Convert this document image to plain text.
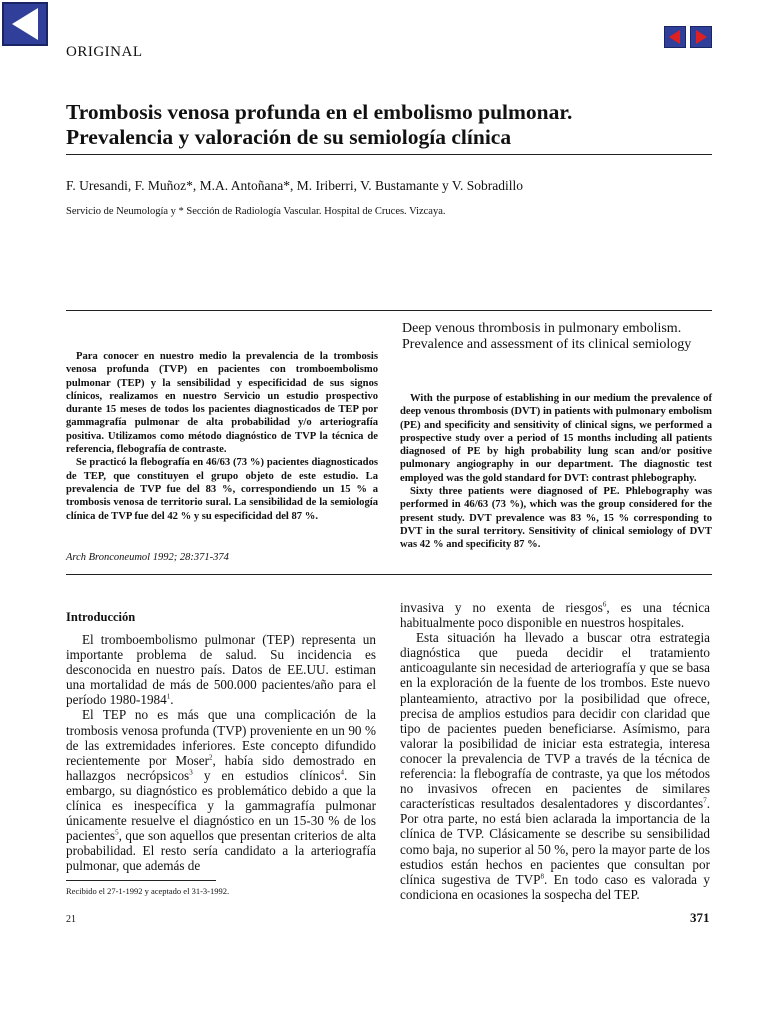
ORIGINAL
Trombosis venosa profunda en el embolismo pulmonar.
Prevalencia y valoración de su semiología clínica
F. Uresandi, F. Muñoz*, M.A. Antoñana*, M. Iriberri, V. Bustamante y V. Sobradillo
Servicio de Neumología y * Sección de Radiología Vascular. Hospital de Cruces. Vizcaya.

Para conocer en nuestro medio la prevalencia de la trombosis venosa profunda (TVP) en pacientes con tromboembolismo pulmonar (TEP) y la sensibilidad y especificidad de sus signos clínicos, realizamos en nuestro Servicio un estudio prospectivo durante 15 meses de todos los pacientes diagnosticados de TEP por gammagrafía pulmonar de alta probabilidad y/o arteriografía positiva. Utilizamos como método diagnóstico de TVP la técnica de referencia, flebografía de contraste.

Se practicó la flebografía en 46/63 (73 %) pacientes diagnosticados de TEP, que constituyen el grupo objeto de este estudio. La prevalencia de TVP fue del 83 %, correspondiendo un 15 % a trombosis venosa de territorio sural. La sensibilidad de la semiología clínica de TVP fue del 42 % y su especificidad del 87 %.

Arch Bronconeumol 1992; 28:371-374
Deep venous thrombosis in pulmonary embolism.
Prevalence and assessment of its clinical semiology

With the purpose of establishing in our medium the prevalence of deep venous thrombosis (DVT) in patients with pulmonary embolism (PE) and specificity and sensitivity of clinical signs, we performed a prospective study over a period of 15 months including all patients diagnosed of PE by high probability lung scan and/or positive pulmonary angiography in our department. The diagnostic test employed was the gold standard for DVT: contrast phlebography.

Sixty three patients were diagnosed of PE. Phlebography was performed in 46/63 (73 %), which was the group considered for the present study. DVT prevalence was 83 %, 15 % corresponding to DVT in the sural territory. Sensitivity of clinical semiology of DVT was 42 % and specificity 87 %.

Introducción

El tromboembolismo pulmonar (TEP) representa un importante problema de salud. Su incidencia es desconocida en nuestro país. Datos de EE.UU. estiman una mortalidad de más de 500.000 pacientes/año para el período 1980-1984$^1$.

El TEP no es más que una complicación de la trombosis venosa profunda (TVP) proveniente en un 90 % de las extremidades inferiores. Este concepto difundido recientemente por Moser$^2$, había sido demostrado en hallazgos necrópsicos$^3$ y en estudios clínicos$^4$. Sin embargo, su diagnóstico es problemático debido a que la clínica es inespecífica y la gammagrafía pulmonar únicamente resuelve el diagnóstico en un 15-30 % de los pacientes$^5$, que son aquellos que presentan criterios de alta probabilidad. El resto sería candidato a la arteriografía pulmonar, que además de

invasiva y no exenta de riesgos$^6$, es una técnica habitualmente poco disponible en nuestros hospitales.

Esta situación ha llevado a buscar otra estrategia diagnóstica que pueda decidir el tratamiento anticoagulante sin necesidad de arteriografía y que se basa en la exploración de la fuente de los trombos. Este nuevo planteamiento, atractivo por la posibilidad que ofrece, precisa de amplios estudios para decidir con claridad que tipo de pacientes pueden beneficiarse. Asímismo, para valorar la posibilidad de iniciar esta estrategia, interesa conocer la prevalencia de TVP a través de la técnica de referencia: la flebografía de contraste, ya que los métodos no invasivos ofrecen en pacientes de similares características resultados desalentadores y discordantes$^7$. Por otra parte, no está bien aclarada la importancia de la clínica de TVP. Clásicamente se describe su sensibilidad como baja, no superior al 50 %, pero la mayor parte de los estudios están hechos en pacientes que consultan por clínica sugestiva de TVP$^8$. En todo caso es valorada y condiciona en ocasiones la sospecha del TEP.

Recibido el 27-1-1992 y aceptado el 31-3-1992.
21	371
